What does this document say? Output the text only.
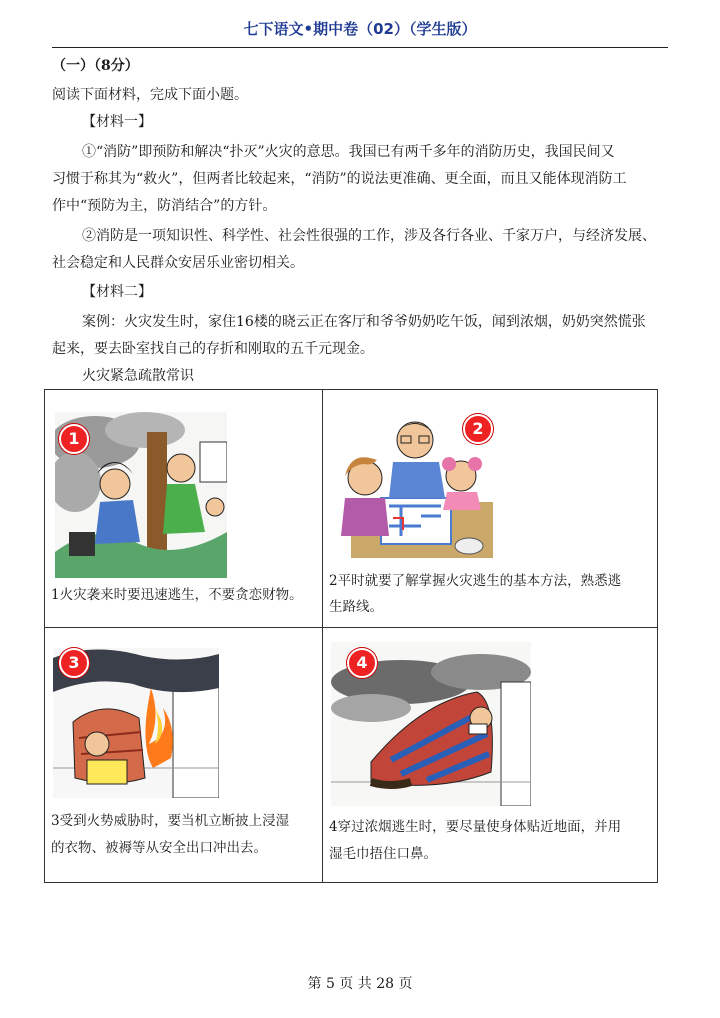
七下语文•期中卷（02）（学生版）
（一）（8分）
阅读下面材料，完成下面小题。
【材料一】
①“消防”即预防和解决“扑灭”火灾的意思。我国已有两千多年的消防历史，我国民间又
习惯于称其为“救火”，但两者比较起来，“消防”的说法更准确、更全面，而且又能体现消防工
作中“预防为主，防消结合”的方针。
②消防是一项知识性、科学性、社会性很强的工作，涉及各行各业、千家万户，与经济发展、
社会稳定和人民群众安居乐业密切相关。
【材料二】
案例：火灾发生时，家住16楼的晓云正在客厅和爷爷奶奶吃午饭，闻到浓烟，奶奶突然慌张
起来，要去卧室找自己的存折和刚取的五千元现金。
火灾紧急疏散常识
1
1火灾袭来时要迅速逃生，不要贪恋财物。
2
2平时就要了解掌握火灾逃生的基本方法，熟悉逃
生路线。
3
3受到火势威胁时，要当机立断披上浸湿
的衣物、被褥等从安全出口冲出去。
4
4穿过浓烟逃生时，要尽量使身体贴近地面，并用
湿毛巾捂住口鼻。
第 5 页 共 28 页
